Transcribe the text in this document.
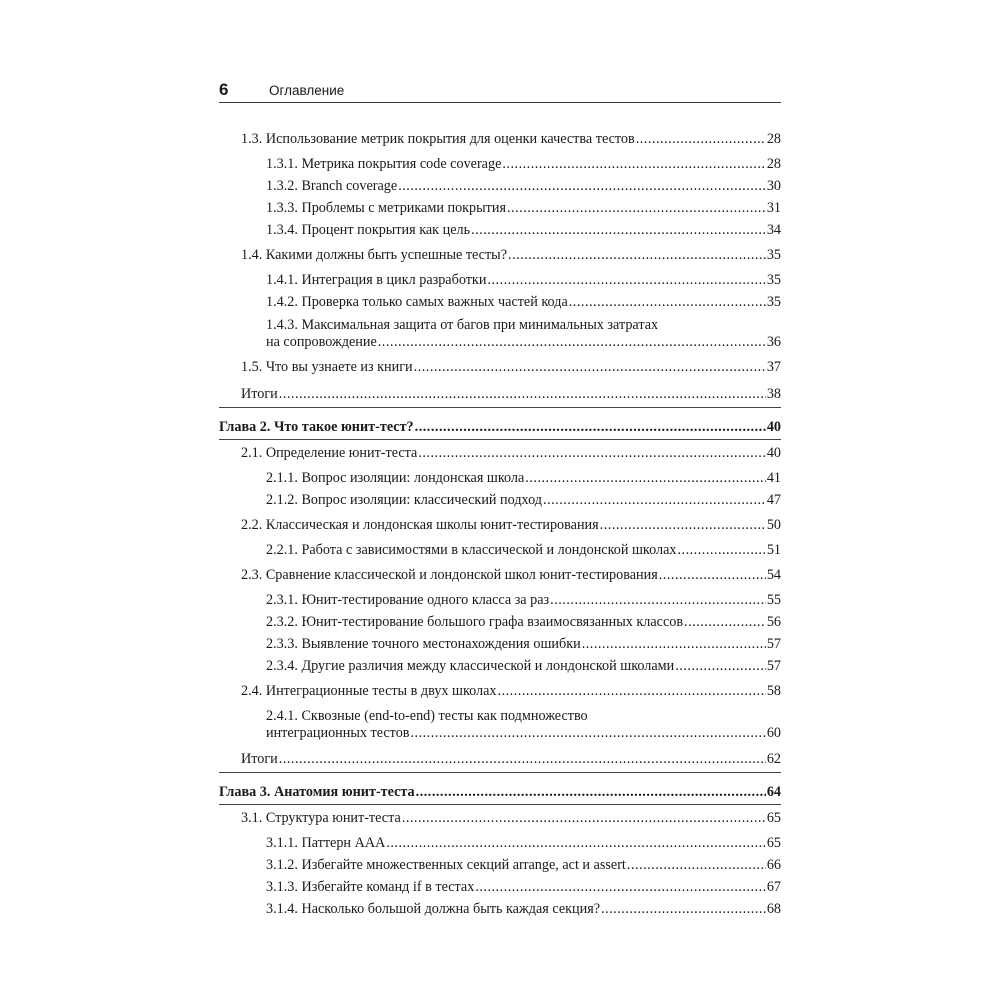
6	Оглавление
1.3. Использование метрик покрытия для оценки качества тестов .....	28
1.3.1. Метрика покрытия code coverage .....	28
1.3.2. Branch coverage .....	30
1.3.3. Проблемы с метриками покрытия .....	31
1.3.4. Процент покрытия как цель .....	34
1.4. Какими должны быть успешные тесты? .....	35
1.4.1. Интеграция в цикл разработки .....	35
1.4.2. Проверка только самых важных частей кода .....	35
1.4.3. Максимальная защита от багов при минимальных затратах
на сопровождение .....	36
1.5. Что вы узнаете из книги .....	37
Итоги .....	38
Глава 2. Что такое юнит-тест? .....	40
2.1. Определение юнит-теста .....	40
2.1.1. Вопрос изоляции: лондонская школа .....	41
2.1.2. Вопрос изоляции: классический подход .....	47
2.2. Классическая и лондонская школы юнит-тестирования .....	50
2.2.1. Работа с зависимостями в классической и лондонской школах .....	51
2.3. Сравнение классической и лондонской школ юнит-тестирования .....	54
2.3.1. Юнит-тестирование одного класса за раз .....	55
2.3.2. Юнит-тестирование большого графа взаимосвязанных классов .....	56
2.3.3. Выявление точного местонахождения ошибки .....	57
2.3.4. Другие различия между классической и лондонской школами .....	57
2.4. Интеграционные тесты в двух школах .....	58
2.4.1. Сквозные (end-to-end) тесты как подмножество
интеграционных тестов .....	60
Итоги .....	62
Глава 3. Анатомия юнит-теста .....	64
3.1. Структура юнит-теста .....	65
3.1.1. Паттерн AAA .....	65
3.1.2. Избегайте множественных секций arrange, act и assert .....	66
3.1.3. Избегайте команд if в тестах .....	67
3.1.4. Насколько большой должна быть каждая секция? .....	68
